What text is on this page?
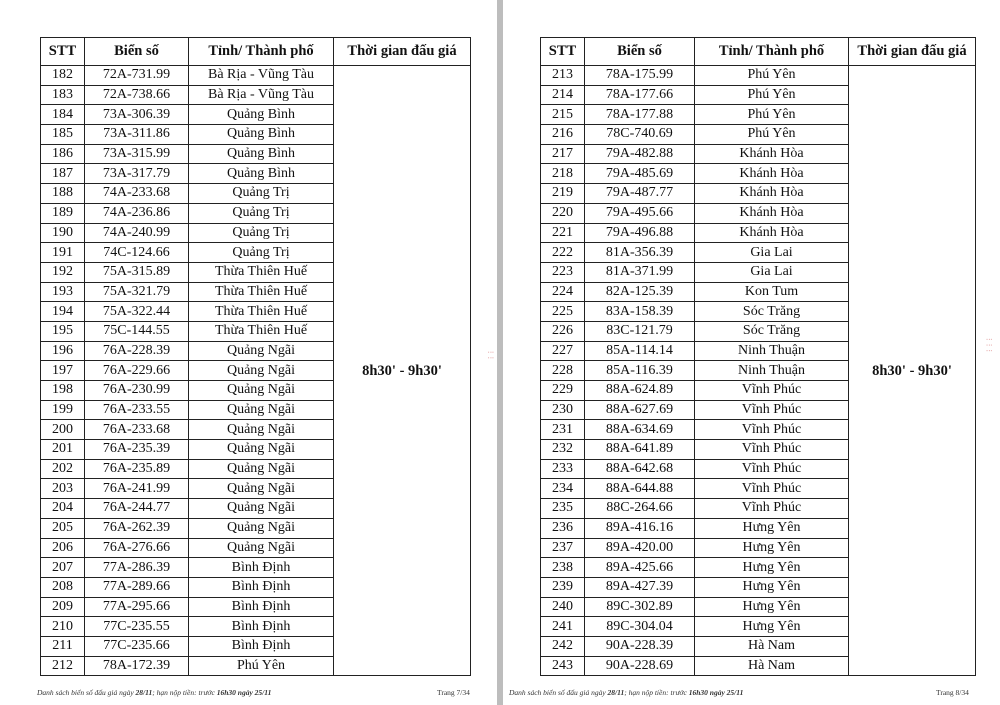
STT	Biển số	Tỉnh/ Thành phố	Thời gian đấu giá
182	72A-731.99	Bà Rịa - Vũng Tàu	8h30' - 9h30'
183	72A-738.66	Bà Rịa - Vũng Tàu	
184	73A-306.39	Quảng Bình	
185	73A-311.86	Quảng Bình	
186	73A-315.99	Quảng Bình	
187	73A-317.79	Quảng Bình	
188	74A-233.68	Quảng Trị	
189	74A-236.86	Quảng Trị	
190	74A-240.99	Quảng Trị	
191	74C-124.66	Quảng Trị	
192	75A-315.89	Thừa Thiên Huế	
193	75A-321.79	Thừa Thiên Huế	
194	75A-322.44	Thừa Thiên Huế	
195	75C-144.55	Thừa Thiên Huế	
196	76A-228.39	Quảng Ngãi	
197	76A-229.66	Quảng Ngãi	
198	76A-230.99	Quảng Ngãi	
199	76A-233.55	Quảng Ngãi	
200	76A-233.68	Quảng Ngãi	
201	76A-235.39	Quảng Ngãi	
202	76A-235.89	Quảng Ngãi	
203	76A-241.99	Quảng Ngãi	
204	76A-244.77	Quảng Ngãi	
205	76A-262.39	Quảng Ngãi	
206	76A-276.66	Quảng Ngãi	
207	77A-286.39	Bình Định	
208	77A-289.66	Bình Định	
209	77A-295.66	Bình Định	
210	77C-235.55	Bình Định	
211	77C-235.66	Bình Định	
212	78A-172.39	Phú Yên	
Danh sách biển số đấu giá ngày 28/11; hạn nộp tiền: trước 16h30 ngày 25/11	Trang 7/34
STT	Biển số	Tỉnh/ Thành phố	Thời gian đấu giá
213	78A-175.99	Phú Yên	8h30' - 9h30'
214	78A-177.66	Phú Yên	
215	78A-177.88	Phú Yên	
216	78C-740.69	Phú Yên	
217	79A-482.88	Khánh Hòa	
218	79A-485.69	Khánh Hòa	
219	79A-487.77	Khánh Hòa	
220	79A-495.66	Khánh Hòa	
221	79A-496.88	Khánh Hòa	
222	81A-356.39	Gia Lai	
223	81A-371.99	Gia Lai	
224	82A-125.39	Kon Tum	
225	83A-158.39	Sóc Trăng	
226	83C-121.79	Sóc Trăng	
227	85A-114.14	Ninh Thuận	
228	85A-116.39	Ninh Thuận	
229	88A-624.89	Vĩnh Phúc	
230	88A-627.69	Vĩnh Phúc	
231	88A-634.69	Vĩnh Phúc	
232	88A-641.89	Vĩnh Phúc	
233	88A-642.68	Vĩnh Phúc	
234	88A-644.88	Vĩnh Phúc	
235	88C-264.66	Vĩnh Phúc	
236	89A-416.16	Hưng Yên	
237	89A-420.00	Hưng Yên	
238	89A-425.66	Hưng Yên	
239	89A-427.39	Hưng Yên	
240	89C-302.89	Hưng Yên	
241	89C-304.04	Hưng Yên	
242	90A-228.39	Hà Nam	
243	90A-228.69	Hà Nam	
Danh sách biển số đấu giá ngày 28/11; hạn nộp tiền: trước 16h30 ngày 25/11	Trang 8/34
⁝ ⁝
⁝ ⁝ ⁝
